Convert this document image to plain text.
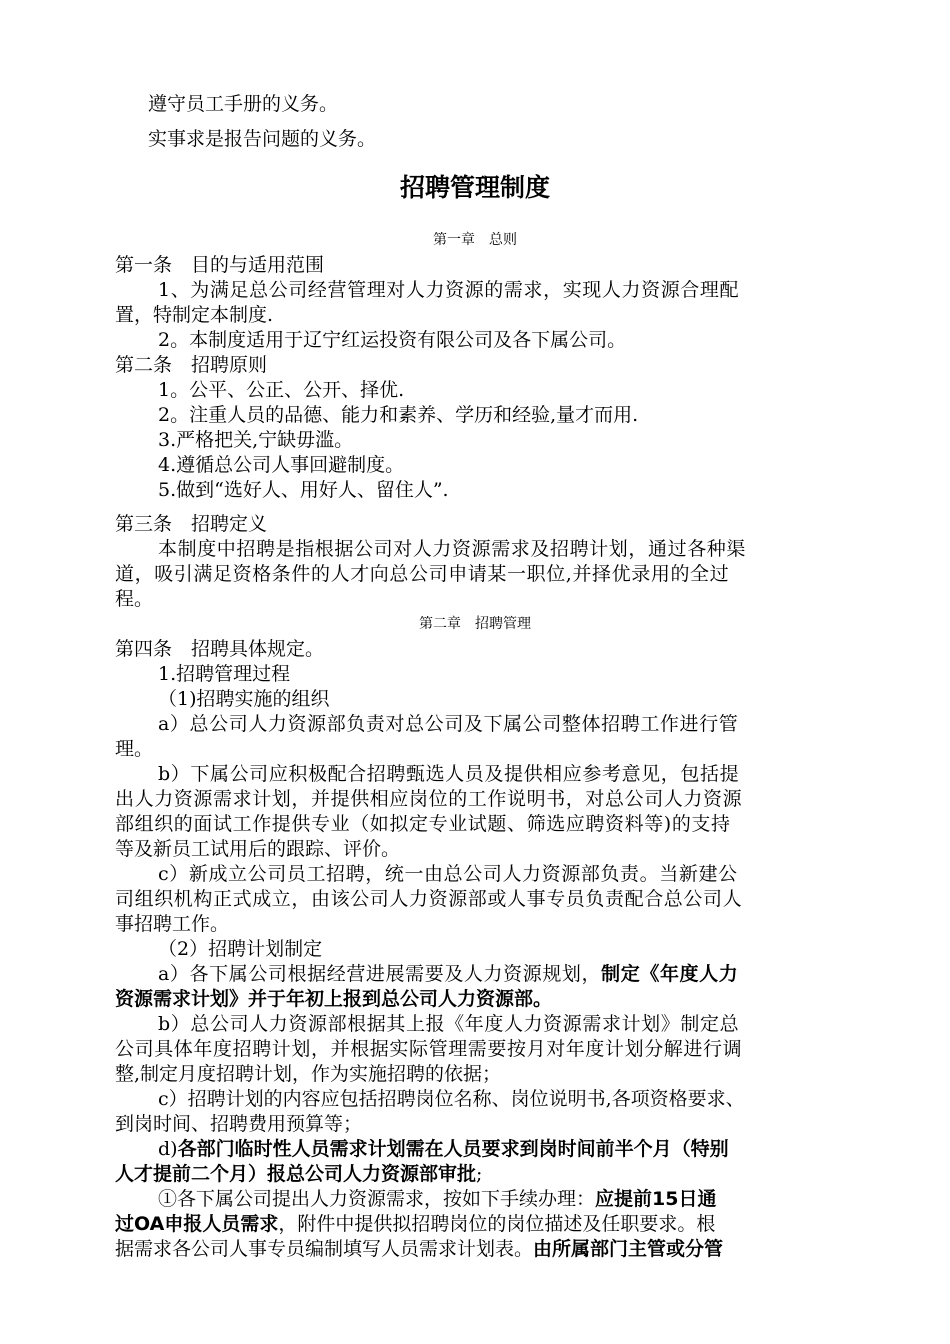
遵守员工手册的义务。
实事求是报告问题的义务。
招聘管理制度
第一章　总则
第一条　目的与适用范围
1、为满足总公司经营管理对人力资源的需求，实现人力资源合理配
置，特制定本制度.
2。本制度适用于辽宁红运投资有限公司及各下属公司。
第二条　招聘原则
1。公平、公正、公开、择优.
2。注重人员的品德、能力和素养、学历和经验,量才而用.
3.严格把关,宁缺毋滥。
4.遵循总公司人事回避制度。
5.做到“选好人、用好人、留住人”.
第三条　招聘定义
本制度中招聘是指根据公司对人力资源需求及招聘计划，通过各种渠
道，吸引满足资格条件的人才向总公司申请某一职位,并择优录用的全过
程。
第二章　招聘管理
第四条　招聘具体规定。
1.招聘管理过程
（1)招聘实施的组织
a）总公司人力资源部负责对总公司及下属公司整体招聘工作进行管
理。
b）下属公司应积极配合招聘甄选人员及提供相应参考意见，包括提
出人力资源需求计划，并提供相应岗位的工作说明书，对总公司人力资源
部组织的面试工作提供专业（如拟定专业试题、筛选应聘资料等)的支持
等及新员工试用后的跟踪、评价。
c）新成立公司员工招聘，统一由总公司人力资源部负责。当新建公
司组织机构正式成立，由该公司人力资源部或人事专员负责配合总公司人
事招聘工作。
（2）招聘计划制定
a）各下属公司根据经营进展需要及人力资源规划，制定《年度人力
资源需求计划》并于年初上报到总公司人力资源部。
b）总公司人力资源部根据其上报《年度人力资源需求计划》制定总
公司具体年度招聘计划，并根据实际管理需要按月对年度计划分解进行调
整,制定月度招聘计划，作为实施招聘的依据；
c）招聘计划的内容应包括招聘岗位名称、岗位说明书,各项资格要求、
到岗时间、招聘费用预算等；
d)各部门临时性人员需求计划需在人员要求到岗时间前半个月（特别
人才提前二个月）报总公司人力资源部审批;
①各下属公司提出人力资源需求，按如下手续办理：应提前15日通
过OA申报人员需求，附件中提供拟招聘岗位的岗位描述及任职要求。根
据需求各公司人事专员编制填写人员需求计划表。由所属部门主管或分管
